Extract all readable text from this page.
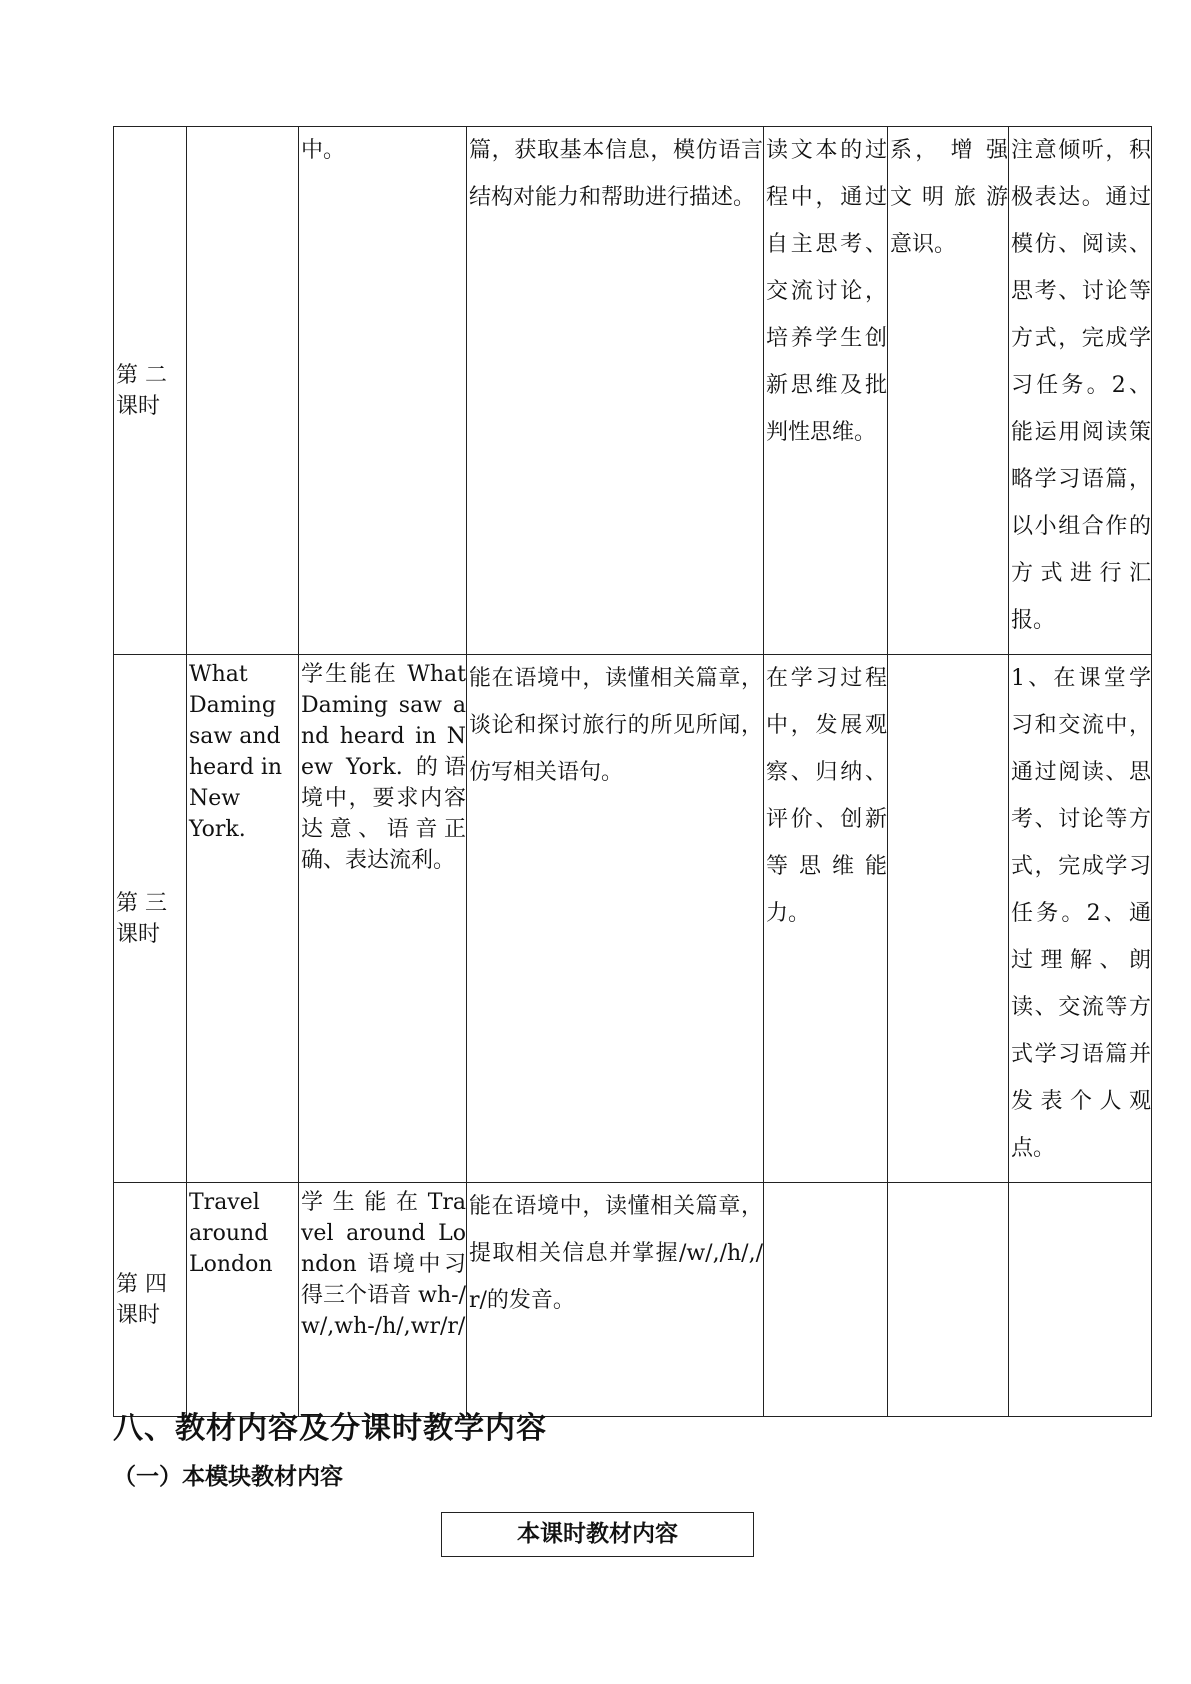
第 二课时		中。	篇，获取基本信息，模仿语言结构对能力和帮助进行描述。	读文本的过程中，通过自主思考、交流讨论，培养学生创新思维及批判性思维。	系， 增 强文 明 旅 游意识。	注意倾听，积极表达。通过模仿、阅读、思考、讨论等方式，完成学习任务。2、能运用阅读策略学习语篇，以小组合作的方式进行汇报。

第 三课时	What Daming saw and heard in New York.	学生能在 What Daming saw and heard in New York. 的语境中，要求内容达意、语音正确、表达流利。	能在语境中，读懂相关篇章，谈论和探讨旅行的所见所闻，仿写相关语句。	在学习过程中，发展观察、归纳、评价、创新等思维能力。		1、在课堂学习和交流中，通过阅读、思考、讨论等方式，完成学习任务。2、通过理解、朗读、交流等方式学习语篇并发表个人观点。

第 四课时	Travel around London	学 生 能 在 Travel around London 语境中习得三个语音 wh-/w/,wh-/h/,wr/r/	能在语境中，读懂相关篇章，提取相关信息并掌握/w/,/h/,/r/的发音。			

八、教材内容及分课时教学内容
（一）本模块教材内容
本课时教材内容
